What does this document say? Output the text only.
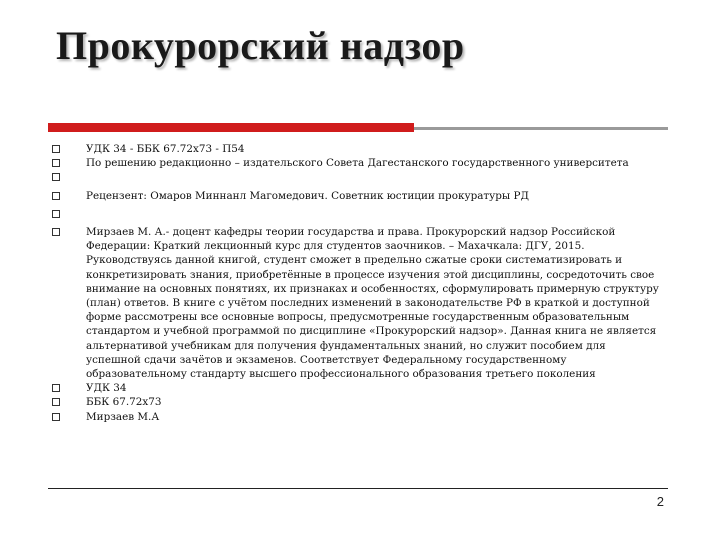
Прокурорский надзор
УДК 34 - ББК 67.72х73 - П54
По решению редакционно – издательского Совета Дагестанского государственного университета
Рецензент: Омаров Миннанл Магомедович. Советник юстиции прокуратуры РД
Мирзаев М. А.- доцент кафедры теории государства и права. Прокурорский надзор Российской Федерации: Краткий лекционный курс для студентов заочников. – Махачкала: ДГУ, 2015. Руководствуясь данной книгой, студент сможет в предельно сжатые сроки систематизировать и конкретизировать знания, приобретённые в процессе изучения этой дисциплины, сосредоточить свое внимание на основных понятиях, их признаках и особенностях, сформулировать примерную структуру (план) ответов. В книге с учётом последних изменений в законодательстве РФ в краткой и доступной форме рассмотрены все основные вопросы, предусмотренные государственным образовательным стандартом и учебной программой по дисциплине «Прокурорский надзор». Данная книга не является альтернативой учебникам для получения фундаментальных знаний, но служит пособием для успешной сдачи зачётов и экзаменов. Соответствует Федеральному государственному образовательному стандарту высшего профессионального образования третьего поколения
УДК 34
ББК 67.72х73
Мирзаев М.А
2
